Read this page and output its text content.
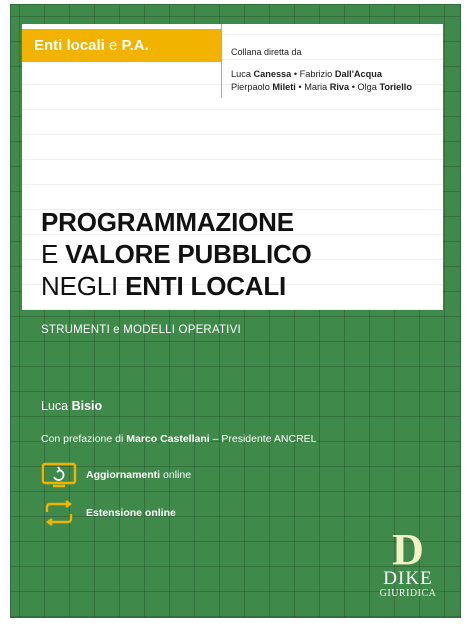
Enti locali e P.A.	Collana diretta da
Luca Canessa • Fabrizio Dall'Acqua
Pierpaolo Mileti • Maria Riva • Olga Toriello
PROGRAMMAZIONE
E VALORE PUBBLICO
NEGLI ENTI LOCALI
STRUMENTI e MODELLI OPERATIVI
Luca Bisio
Con prefazione di Marco Castellani – Presidente ANCREL
Aggiornamenti online
Estensione online
D
DIKE
GIURIDICA
